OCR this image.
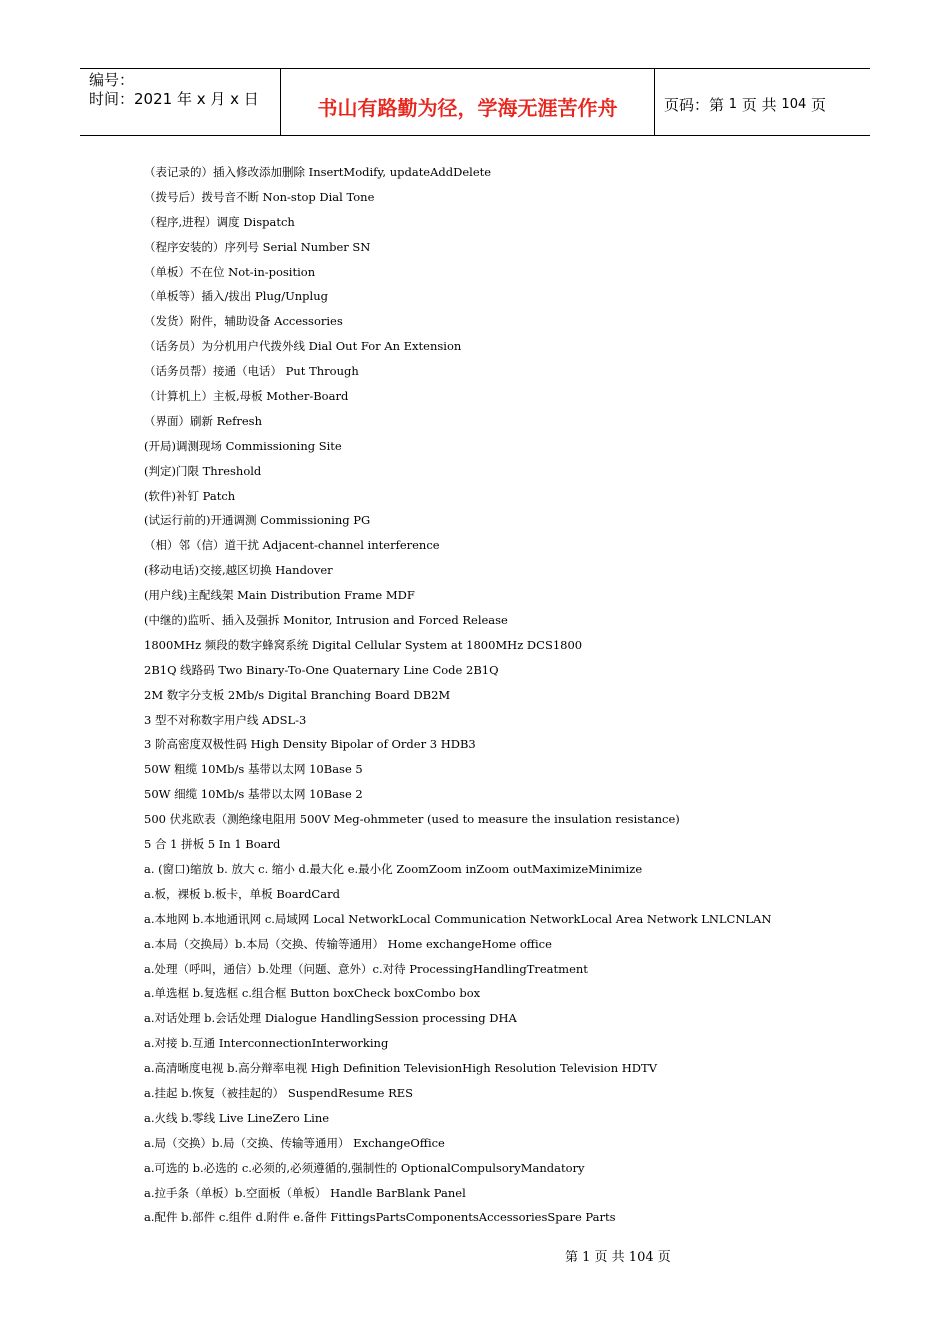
编号：
时间：2021 年 x 月 x 日	书山有路勤为径，学海无涯苦作舟	页码：第
1
页 共
104
页
（表记录的）插入修改添加删除 InsertModify, updateAddDelete
（拨号后）拨号音不断 Non-stop Dial Tone
（程序,进程）调度 Dispatch
（程序安装的）序列号 Serial Number SN
（单板）不在位 Not-in-position
（单板等）插入/拔出 Plug/Unplug
（发货）附件，辅助设备 Accessories
（话务员）为分机用户代拨外线 Dial Out For An Extension
（话务员帮）接通（电话） Put Through
（计算机上）主板,母板 Mother-Board
（界面）刷新 Refresh
(开局)调测现场 Commissioning Site
(判定)门限 Threshold
(软件)补钉 Patch
(试运行前的)开通调测 Commissioning PG
（相）邻（信）道干扰 Adjacent-channel interference
(移动电话)交接,越区切换 Handover
(用户线)主配线架 Main Distribution Frame MDF
(中继的)监听、插入及强拆 Monitor, Intrusion and Forced Release
1800MHz 频段的数字蜂窝系统 Digital Cellular System at 1800MHz DCS1800
2B1Q 线路码 Two Binary-To-One Quaternary Line Code 2B1Q
2M 数字分支板 2Mb/s Digital Branching Board DB2M
3 型不对称数字用户线 ADSL-3
3 阶高密度双极性码 High Density Bipolar of Order 3 HDB3
50W 粗缆 10Mb/s 基带以太网 10Base 5
50W 细缆 10Mb/s 基带以太网 10Base 2
500 伏兆欧表（测绝缘电阻用 500V Meg-ohmmeter (used to measure the insulation resistance)
5 合 1 拼板 5 In 1 Board
a. (窗口)缩放 b. 放大 c. 缩小 d.最大化 e.最小化 ZoomZoom inZoom outMaximizeMinimize
a.板，裸板 b.板卡，单板 BoardCard
a.本地网 b.本地通讯网 c.局域网 Local NetworkLocal Communication NetworkLocal Area Network LNLCNLAN
a.本局（交换局）b.本局（交换、传输等通用） Home exchangeHome office
a.处理（呼叫，通信）b.处理（问题、意外）c.对待 ProcessingHandlingTreatment
a.单选框 b.复选框 c.组合框 Button boxCheck boxCombo box
a.对话处理 b.会话处理 Dialogue HandlingSession processing DHA
a.对接 b.互通 InterconnectionInterworking
a.高清晰度电视 b.高分辩率电视 High Definition TelevisionHigh Resolution Television HDTV
a.挂起 b.恢复（被挂起的） SuspendResume RES
a.火线 b.零线 Live LineZero Line
a.局（交换）b.局（交换、传输等通用） ExchangeOffice
a.可选的 b.必选的 c.必须的,必须遵循的,强制性的 OptionalCompulsoryMandatory
a.拉手条（单板）b.空面板（单板） Handle BarBlank Panel
a.配件 b.部件 c.组件 d.附件 e.备件 FittingsPartsComponentsAccessoriesSpare Parts
第 1 页 共 104 页
